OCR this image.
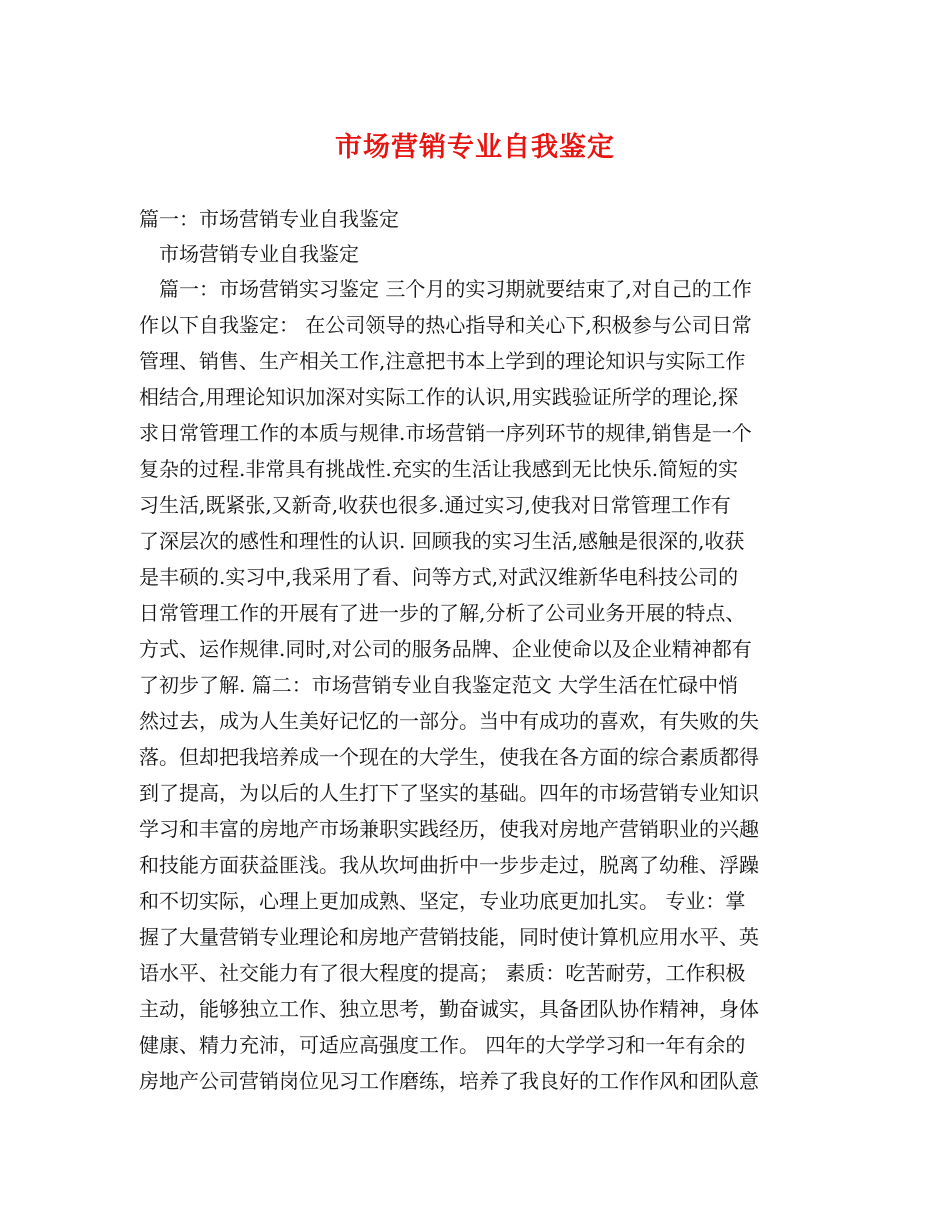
市场营销专业自我鉴定
篇一：市场营销专业自我鉴定
　市场营销专业自我鉴定
　篇一：市场营销实习鉴定 三个月的实习期就要结束了,对自己的工作
作以下自我鉴定： 在公司领导的热心指导和关心下,积极参与公司日常
管理、销售、生产相关工作,注意把书本上学到的理论知识与实际工作
相结合,用理论知识加深对实际工作的认识,用实践验证所学的理论,探
求日常管理工作的本质与规律.市场营销一序列环节的规律,销售是一个
复杂的过程.非常具有挑战性.充实的生活让我感到无比快乐.简短的实
习生活,既紧张,又新奇,收获也很多.通过实习,使我对日常管理工作有
了深层次的感性和理性的认识. 回顾我的实习生活,感触是很深的,收获
是丰硕的.实习中,我采用了看、问等方式,对武汉维新华电科技公司的
日常管理工作的开展有了进一步的了解,分析了公司业务开展的特点、
方式、运作规律.同时,对公司的服务品牌、企业使命以及企业精神都有
了初步了解. 篇二：市场营销专业自我鉴定范文 大学生活在忙碌中悄
然过去，成为人生美好记忆的一部分。当中有成功的喜欢，有失败的失
落。但却把我培养成一个现在的大学生，使我在各方面的综合素质都得
到了提高，为以后的人生打下了坚实的基础。四年的市场营销专业知识
学习和丰富的房地产市场兼职实践经历，使我对房地产营销职业的兴趣
和技能方面获益匪浅。我从坎坷曲折中一步步走过，脱离了幼稚、浮躁
和不切实际，心理上更加成熟、坚定，专业功底更加扎实。 专业：掌
握了大量营销专业理论和房地产营销技能，同时使计算机应用水平、英
语水平、社交能力有了很大程度的提高； 素质：吃苦耐劳，工作积极
主动，能够独立工作、独立思考，勤奋诚实，具备团队协作精神，身体
健康、精力充沛，可适应高强度工作。 四年的大学学习和一年有余的
房地产公司营销岗位见习工作磨练，培养了我良好的工作作风和团队意
